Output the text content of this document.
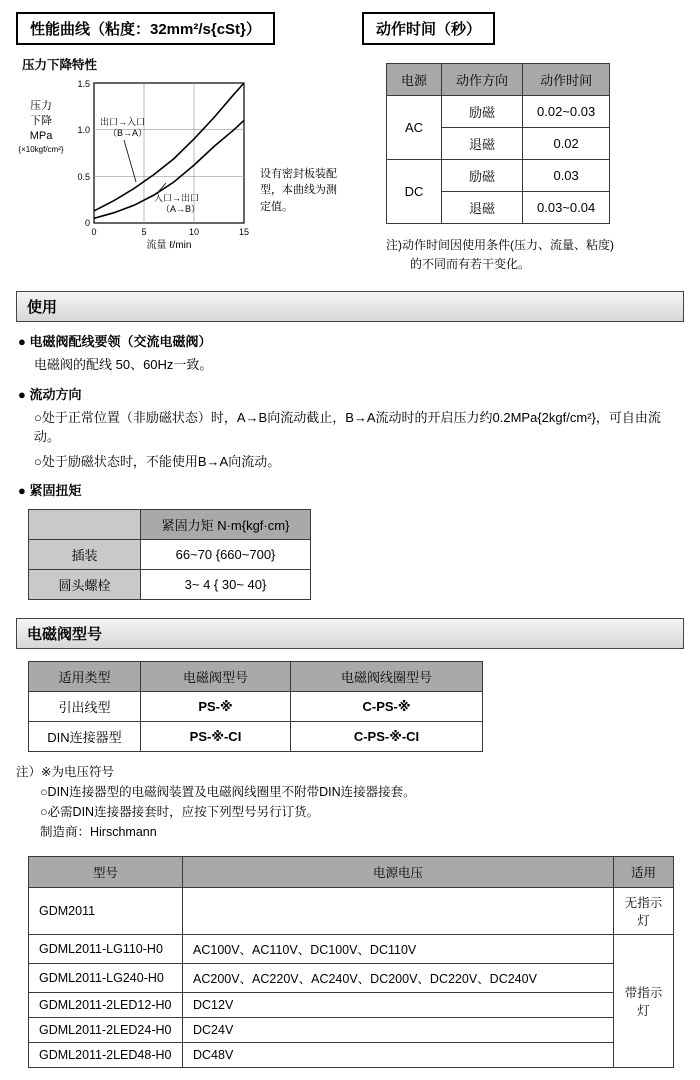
性能曲线（粘度：32mm²/s{cSt}）
压力下降特性
压力
下降
MPa
{×10kgf/cm²}
出口→入口
（B→A）
入口→出口
（A→B）
1.5
1.0
0.5
0
0	5	10	15
流量 ℓ/min
设有密封板装配型，本曲线为测定值。
动作时间（秒）
电源	动作方向	动作时间
AC	励磁	0.02~0.03
	退磁	0.02
DC	励磁	0.03
	退磁	0.03~0.04
注)动作时间因使用条件(压力、流量、粘度)
的不同而有若干变化。
使用
● 电磁阀配线要领（交流电磁阀）
电磁阀的配线 50、60Hz一致。
● 流动方向
○处于正常位置（非励磁状态）时，A→B向流动截止，B→A流动时的开启压力约0.2MPa{2kgf/cm²}，可自由流动。
○处于励磁状态时，不能使用B→A向流动。
● 紧固扭矩
	紧固力矩 N·m{kgf·cm}
插装	66~70 {660~700}
圆头螺栓	3~ 4 { 30~ 40}
电磁阀型号
适用类型	电磁阀型号	电磁阀线圈型号
引出线型	PS-※	C-PS-※
DIN连接器型	PS-※-CI	C-PS-※-CI
注）※为电压符号
○DIN连接器型的电磁阀装置及电磁阀线圈里不附带DIN连接器接套。
○必需DIN连接器接套时，应按下列型号另行订货。
制造商：Hirschmann
型号	电源电压	适用
GDM2011		无指示灯
GDML2011-LG110-H0	AC100V、AC110V、DC100V、DC110V	带指示灯
GDML2011-LG240-H0	AC200V、AC220V、AC240V、DC200V、DC220V、DC240V	
GDML2011-2LED12-H0	DC12V	
GDML2011-2LED24-H0	DC24V	
GDML2011-2LED48-H0	DC48V	
